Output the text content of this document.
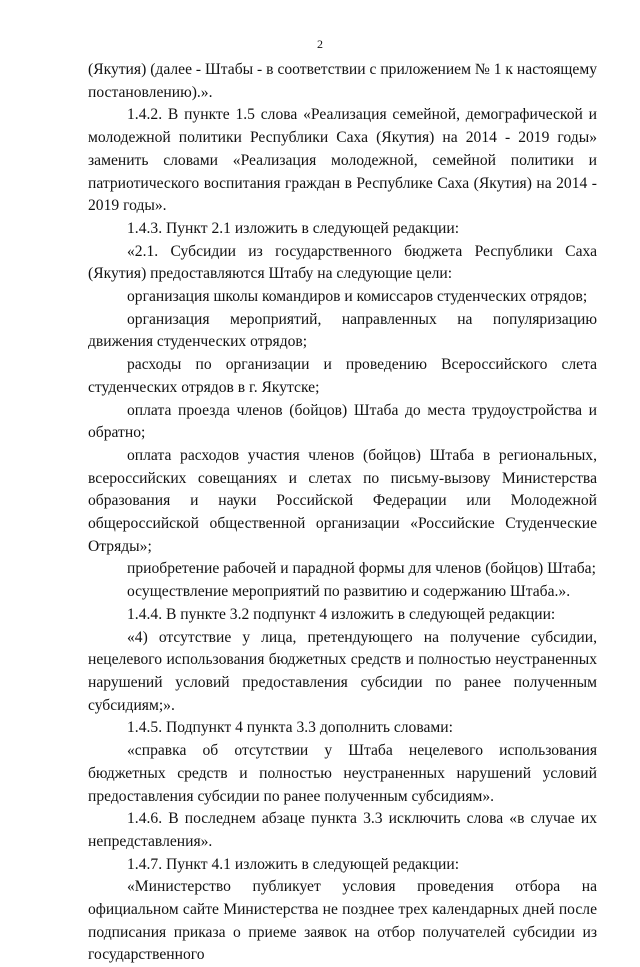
2

(Якутия) (далее - Штабы - в соответствии с приложением № 1 к настоящему постановлению).».

1.4.2. В пункте 1.5 слова «Реализация семейной, демографической и молодежной политики Республики Саха (Якутия) на 2014 - 2019 годы» заменить словами «Реализация молодежной, семейной политики и патриотического воспитания граждан в Республике Саха (Якутия) на 2014 - 2019 годы».

1.4.3. Пункт 2.1 изложить в следующей редакции:

«2.1. Субсидии из государственного бюджета Республики Саха (Якутия) предоставляются Штабу на следующие цели:

организация школы командиров и комиссаров студенческих отрядов;

организация мероприятий, направленных на популяризацию движения студенческих отрядов;

расходы по организации и проведению Всероссийского слета студенческих отрядов в г. Якутске;

оплата проезда членов (бойцов) Штаба до места трудоустройства и обратно;

оплата расходов участия членов (бойцов) Штаба в региональных, всероссийских совещаниях и слетах по письму-вызову Министерства образования и науки Российской Федерации или Молодежной общероссийской общественной организации «Российские Студенческие Отряды»;

приобретение рабочей и парадной формы для членов (бойцов) Штаба;

осуществление мероприятий по развитию и содержанию Штаба.».

1.4.4. В пункте 3.2 подпункт 4 изложить в следующей редакции:

«4) отсутствие у лица, претендующего на получение субсидии, нецелевого использования бюджетных средств и полностью неустраненных нарушений условий предоставления субсидии по ранее полученным субсидиям;».

1.4.5. Подпункт 4 пункта 3.3 дополнить словами:

«справка об отсутствии у Штаба нецелевого использования бюджетных средств и полностью неустраненных нарушений условий предоставления субсидии по ранее полученным субсидиям».

1.4.6. В последнем абзаце пункта 3.3 исключить слова «в случае их непредставления».

1.4.7. Пункт 4.1 изложить в следующей редакции:

«Министерство публикует условия проведения отбора на официальном сайте Министерства не позднее трех календарных дней после подписания приказа о приеме заявок на отбор получателей субсидии из государственного
